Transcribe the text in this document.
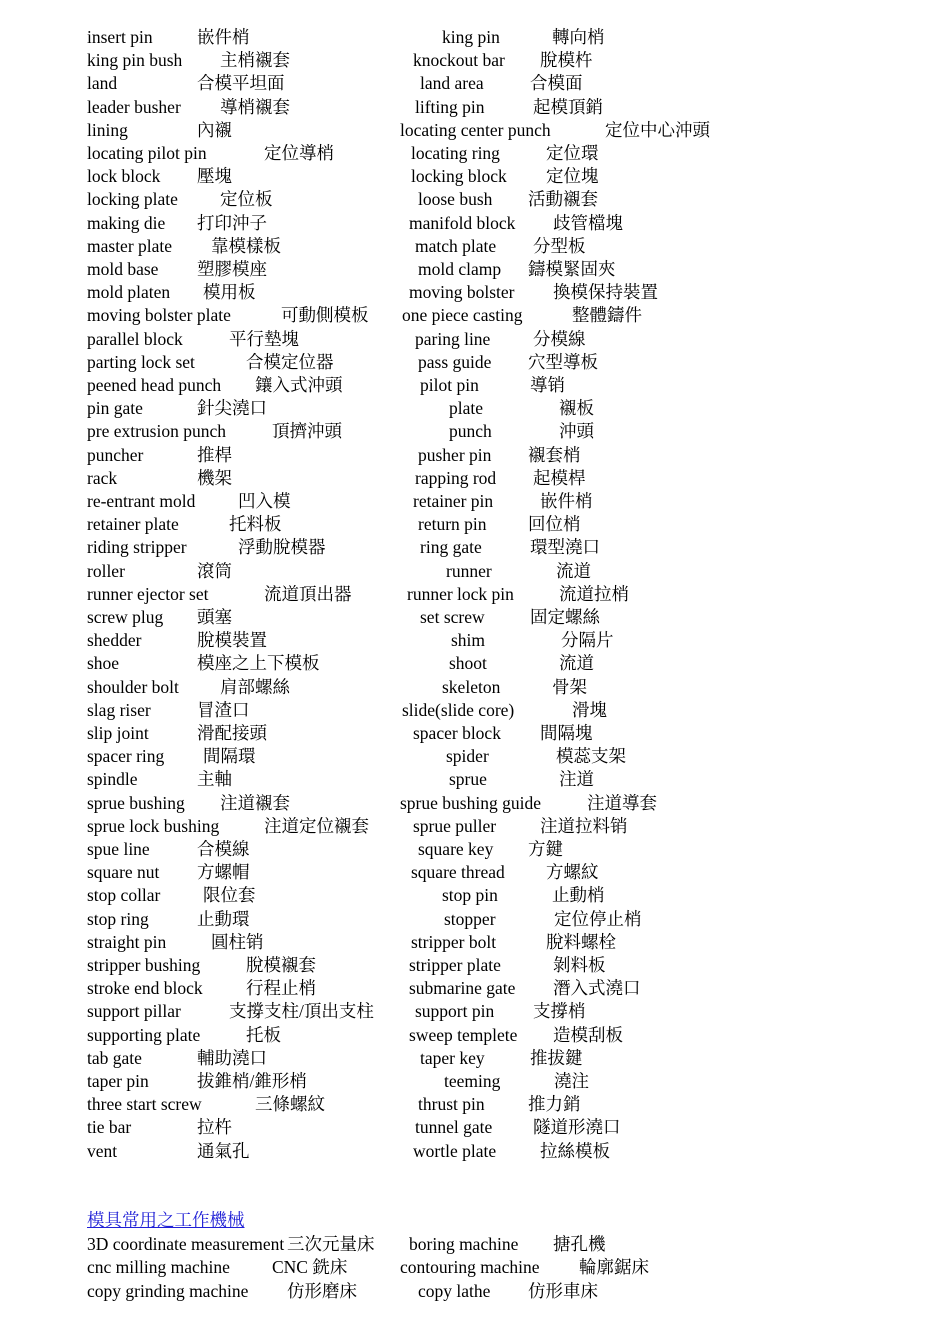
insert pin	嵌件梢	king pin	轉向梢
king pin bush 主梢襯套	knockout bar 脫模杵
land	合模平坦面	land area	合模面
leader busher 導梢襯套	lifting pin	起模頂銷
lining	內襯	locating center punch	定位中心沖頭
locating pilot pin	定位導梢	locating ring	定位環
lock block 壓塊	locking block 定位塊
locking plate 定位板	loose bush 活動襯套
making die 打印沖子	manifold block 歧管檔塊
master plate 靠模樣板	match plate 分型板
mold base 塑膠模座	mold clamp 鑄模緊固夾
mold platen 模用板	moving bolster 換模保持裝置
moving bolster plate	可動側模板 one piece casting	整體鑄件
parallel block	平行墊塊	paring line 分模線
parting lock set	合模定位器	pass guide 穴型導板
peened head punch 鑲入式沖頭	pilot pin	導销
pin gate	針尖澆口	plate	襯板
pre extrusion punch	頂擠沖頭	punch	沖頭
puncher	推桿	pusher pin 襯套梢
rack	機架	rapping rod 起模桿
re-entrant mold 凹入模	retainer pin	嵌件梢
retainer plate	托料板	return pin 回位梢
riding stripper	浮動脫模器	ring gate	環型澆口
roller	滾筒	runner	流道
runner ejector set	流道頂出器	runner lock pin	流道拉梢
screw plug 頭塞	set screw	固定螺絲
shedder	脫模裝置	shim	分隔片
shoe	模座之上下模板	shoot	流道
shoulder bolt 肩部螺絲	skeleton	骨架
slag riser	冒渣口	slide(slide core)	滑塊
slip joint	滑配接頭	spacer block 間隔塊
spacer ring 間隔環	spider	模蕊支架
spindle	主軸	sprue	注道
sprue bushing 注道襯套	sprue bushing guide	注道導套
sprue lock bushing	注道定位襯套	sprue puller	注道拉料销
spue line	合模線	square key 方鍵
square nut 方螺帽	square thread 方螺紋
stop collar 限位套	stop pin	止動梢
stop ring	止動環	stopper	定位停止梢
straight pin	圓柱销	stripper bolt	脫料螺栓
stripper bushing	脫模襯套	stripper plate	剝料板
stroke end block 行程止梢	submarine gate 潛入式澆口
support pillar	支撐支柱/頂出支柱 support pin 支撐梢
supporting plate	托板	sweep templete 造模刮板
tab gate	輔助澆口	taper key	推拔鍵
taper pin	拔錐梢/錐形梢	teeming	澆注
three start screw	三條螺紋	thrust pin 推力銷
tie bar	拉杵	tunnel gate 隧道形澆口
vent	通氣孔	wortle plate	拉絲模板
模具常用之工作機械
3D coordinate measurement 三次元量床 boring machine 搪孔機
cnc milling machine CNC 銑床	contouring machine 輪廓鋸床
copy grinding machine 仿形磨床	copy lathe 仿形車床
